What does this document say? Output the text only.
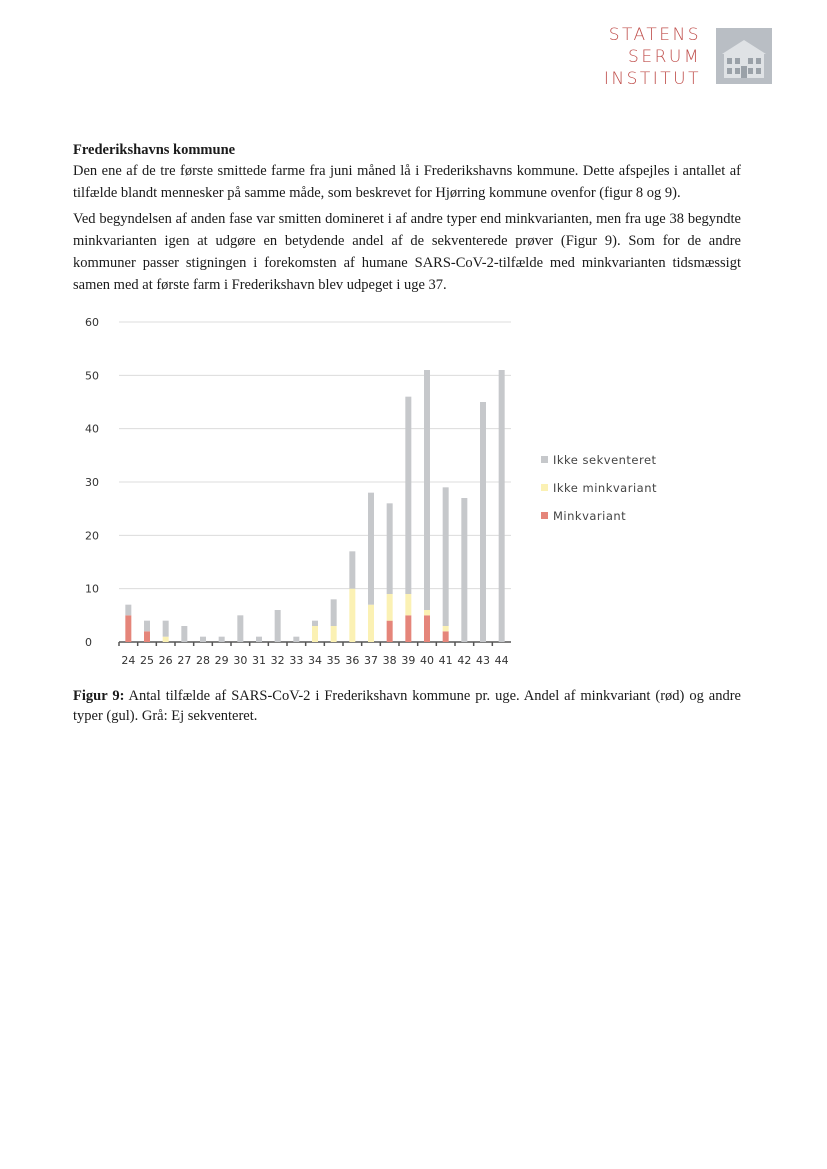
STATENS
SERUM
INSTITUT
Frederikshavns kommune

Den ene af de tre første smittede farme fra juni måned lå i Frederikshavns kommune. Dette afspejles i antallet af tilfælde blandt mennesker på samme måde, som beskrevet for Hjørring kommune ovenfor (figur 8 og 9).

Ved begyndelsen af anden fase var smitten domineret i af andre typer end minkvarianten, men fra uge 38 begyndte minkvarianten igen at udgøre en betydende andel af de sekventerede prøver (Figur 9). Som for de andre kommuner passer stigningen i forekomsten af humane SARS-CoV-2-tilfælde med minkvarianten tidsmæssigt samen med at første farm i Frederikshavn blev udpeget i uge 37.

0
10
20
30
40
50
60
24 25 26 27 28 29 30 31 32 33 34 35 36 37 38 39 40 41 42 43 44
Ikke sekventeret
Ikke minkvariant
Minkvariant

Figur 9: Antal tilfælde af SARS-CoV-2 i Frederikshavn kommune pr. uge. Andel af minkvariant (rød) og andre typer (gul). Grå: Ej sekventeret.
